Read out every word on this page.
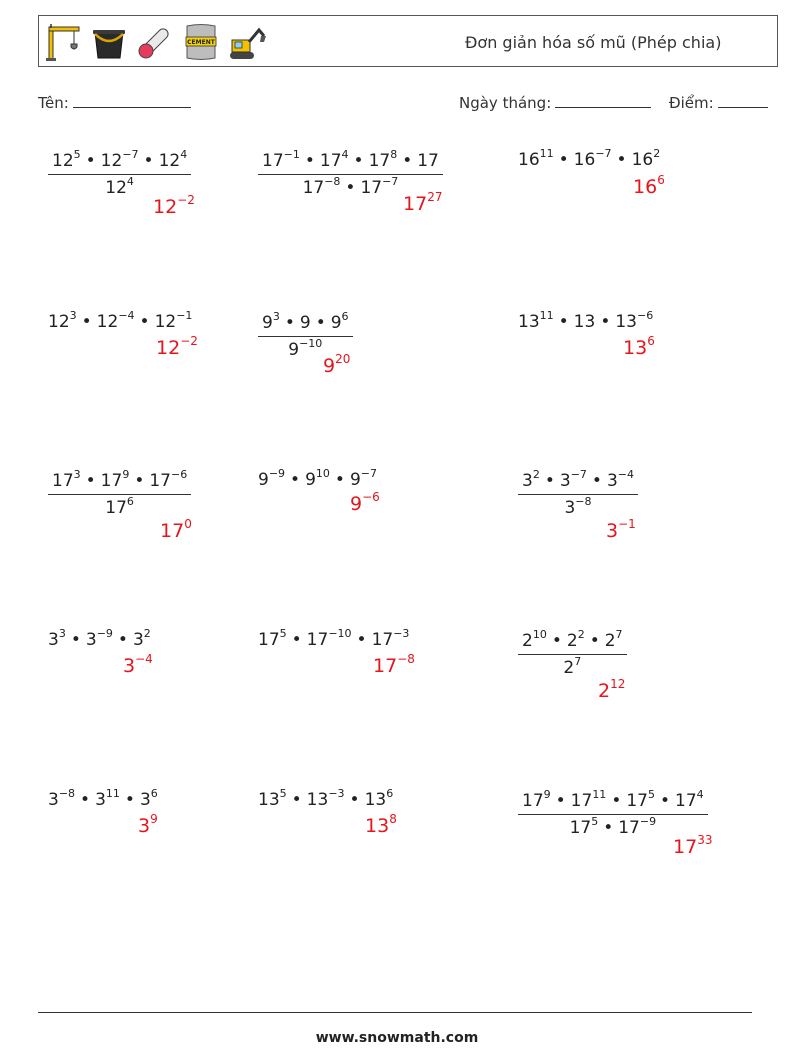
CEMENT	Đơn giản hóa số mũ (Phép chia)
Tên:	Ngày tháng:	Điểm:
$\frac{12^5 • 12^{-7} • 12^4}{12^4}$
$12^{-2}$	$\frac{17^{-1} • 17^4 • 17^8 • 17}{17^{-8} • 17^{-7}}$
$17^{27}$
$16^{11}$ • $16^{-7}$ • $16^2$
$16^6$
$12^3$ • $12^{-4}$ • $12^{-1}$
$12^{-2}$	$\frac{9^3 • 9 • 9^6}{9^{-10}}$
$9^{20}$
$13^{11}$ • 13 • $13^{-6}$
$13^6$
$\frac{17^3 • 17^9 • 17^{-6}}{17^6}$
$17^0$
$9^{-9}$ • $9^{10}$ • $9^{-7}$
$9^{-6}$	$\frac{3^2 • 3^{-7} • 3^{-4}}{3^{-8}}$
$3^{-1}$
$3^3$ • $3^{-9}$ • $3^2$
$3^{-4}$
$17^5$ • $17^{-10}$ • $17^{-3}$
$17^{-8}$	$\frac{2^{10} • 2^2 • 2^7}{2^7}$
$2^{12}$
$3^{-8}$ • $3^{11}$ • $3^6$
$3^9$
$13^5$ • $13^{-3}$ • $13^6$
$13^8$	$\frac{17^9 • 17^{11} • 17^5 • 17^4}{17^5 • 17^{-9}}$
$17^{33}$
www.snowmath.com
